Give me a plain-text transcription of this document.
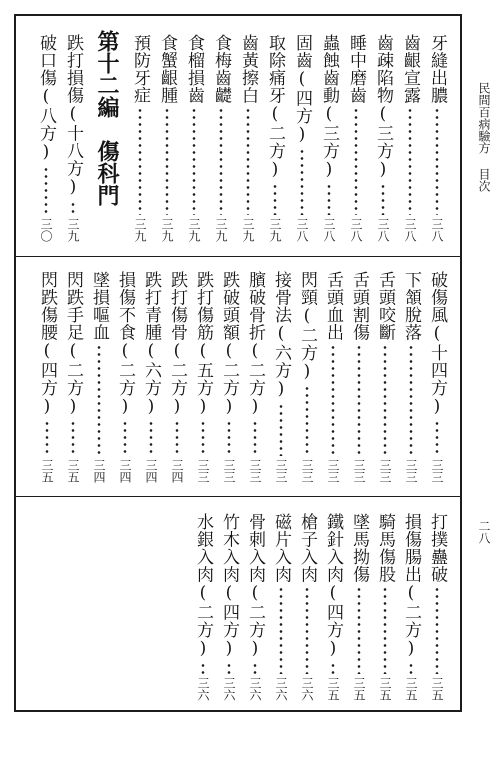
牙縫出膿
三八
齒齦宣露
三八
齒疎陷物(三方)
三八
睡中磨齒
三八
蟲蝕齒動(三方)
三八
固齒(四方)
三八
取除痛牙(二方)
三九
齒黃擦白
三九
食梅齒齼
三九
食榴損齒
三九
食蟹齦腫
三九
預防牙症
三九
第十二編　傷科門
跌打損傷(十八方)
三九
破口傷(八方)
三〇
破傷風(十四方)
三三
下頷脫落
三三
舌頭咬斷
三三
舌頭割傷
三三
舌頭血出
三三
閃頸(二方)
三三
接骨法(六方)
三三
臏破骨折(二方)
三三
跌破頭額(二方)
三三
跌打傷筋(五方)
三三
跌打傷骨(二方)
三四
跌打青腫(六方)
三四
損傷不食(二方)
三四
墜損嘔血
三四
閃跌手足(二方)
三五
閃跌傷腰(四方)
三五
打撲蠱破
三五
損傷腸出(二方)
三五
騎馬傷股
三五
墜馬拗傷
三五
鐵針入肉(四方)
三五
槍子入肉
三六
磁片入肉
三六
骨刺入肉(二方)
三六
竹木入肉(四方)
三六
水銀入肉(二方)
三六
民間百病驗方 目次
二八
